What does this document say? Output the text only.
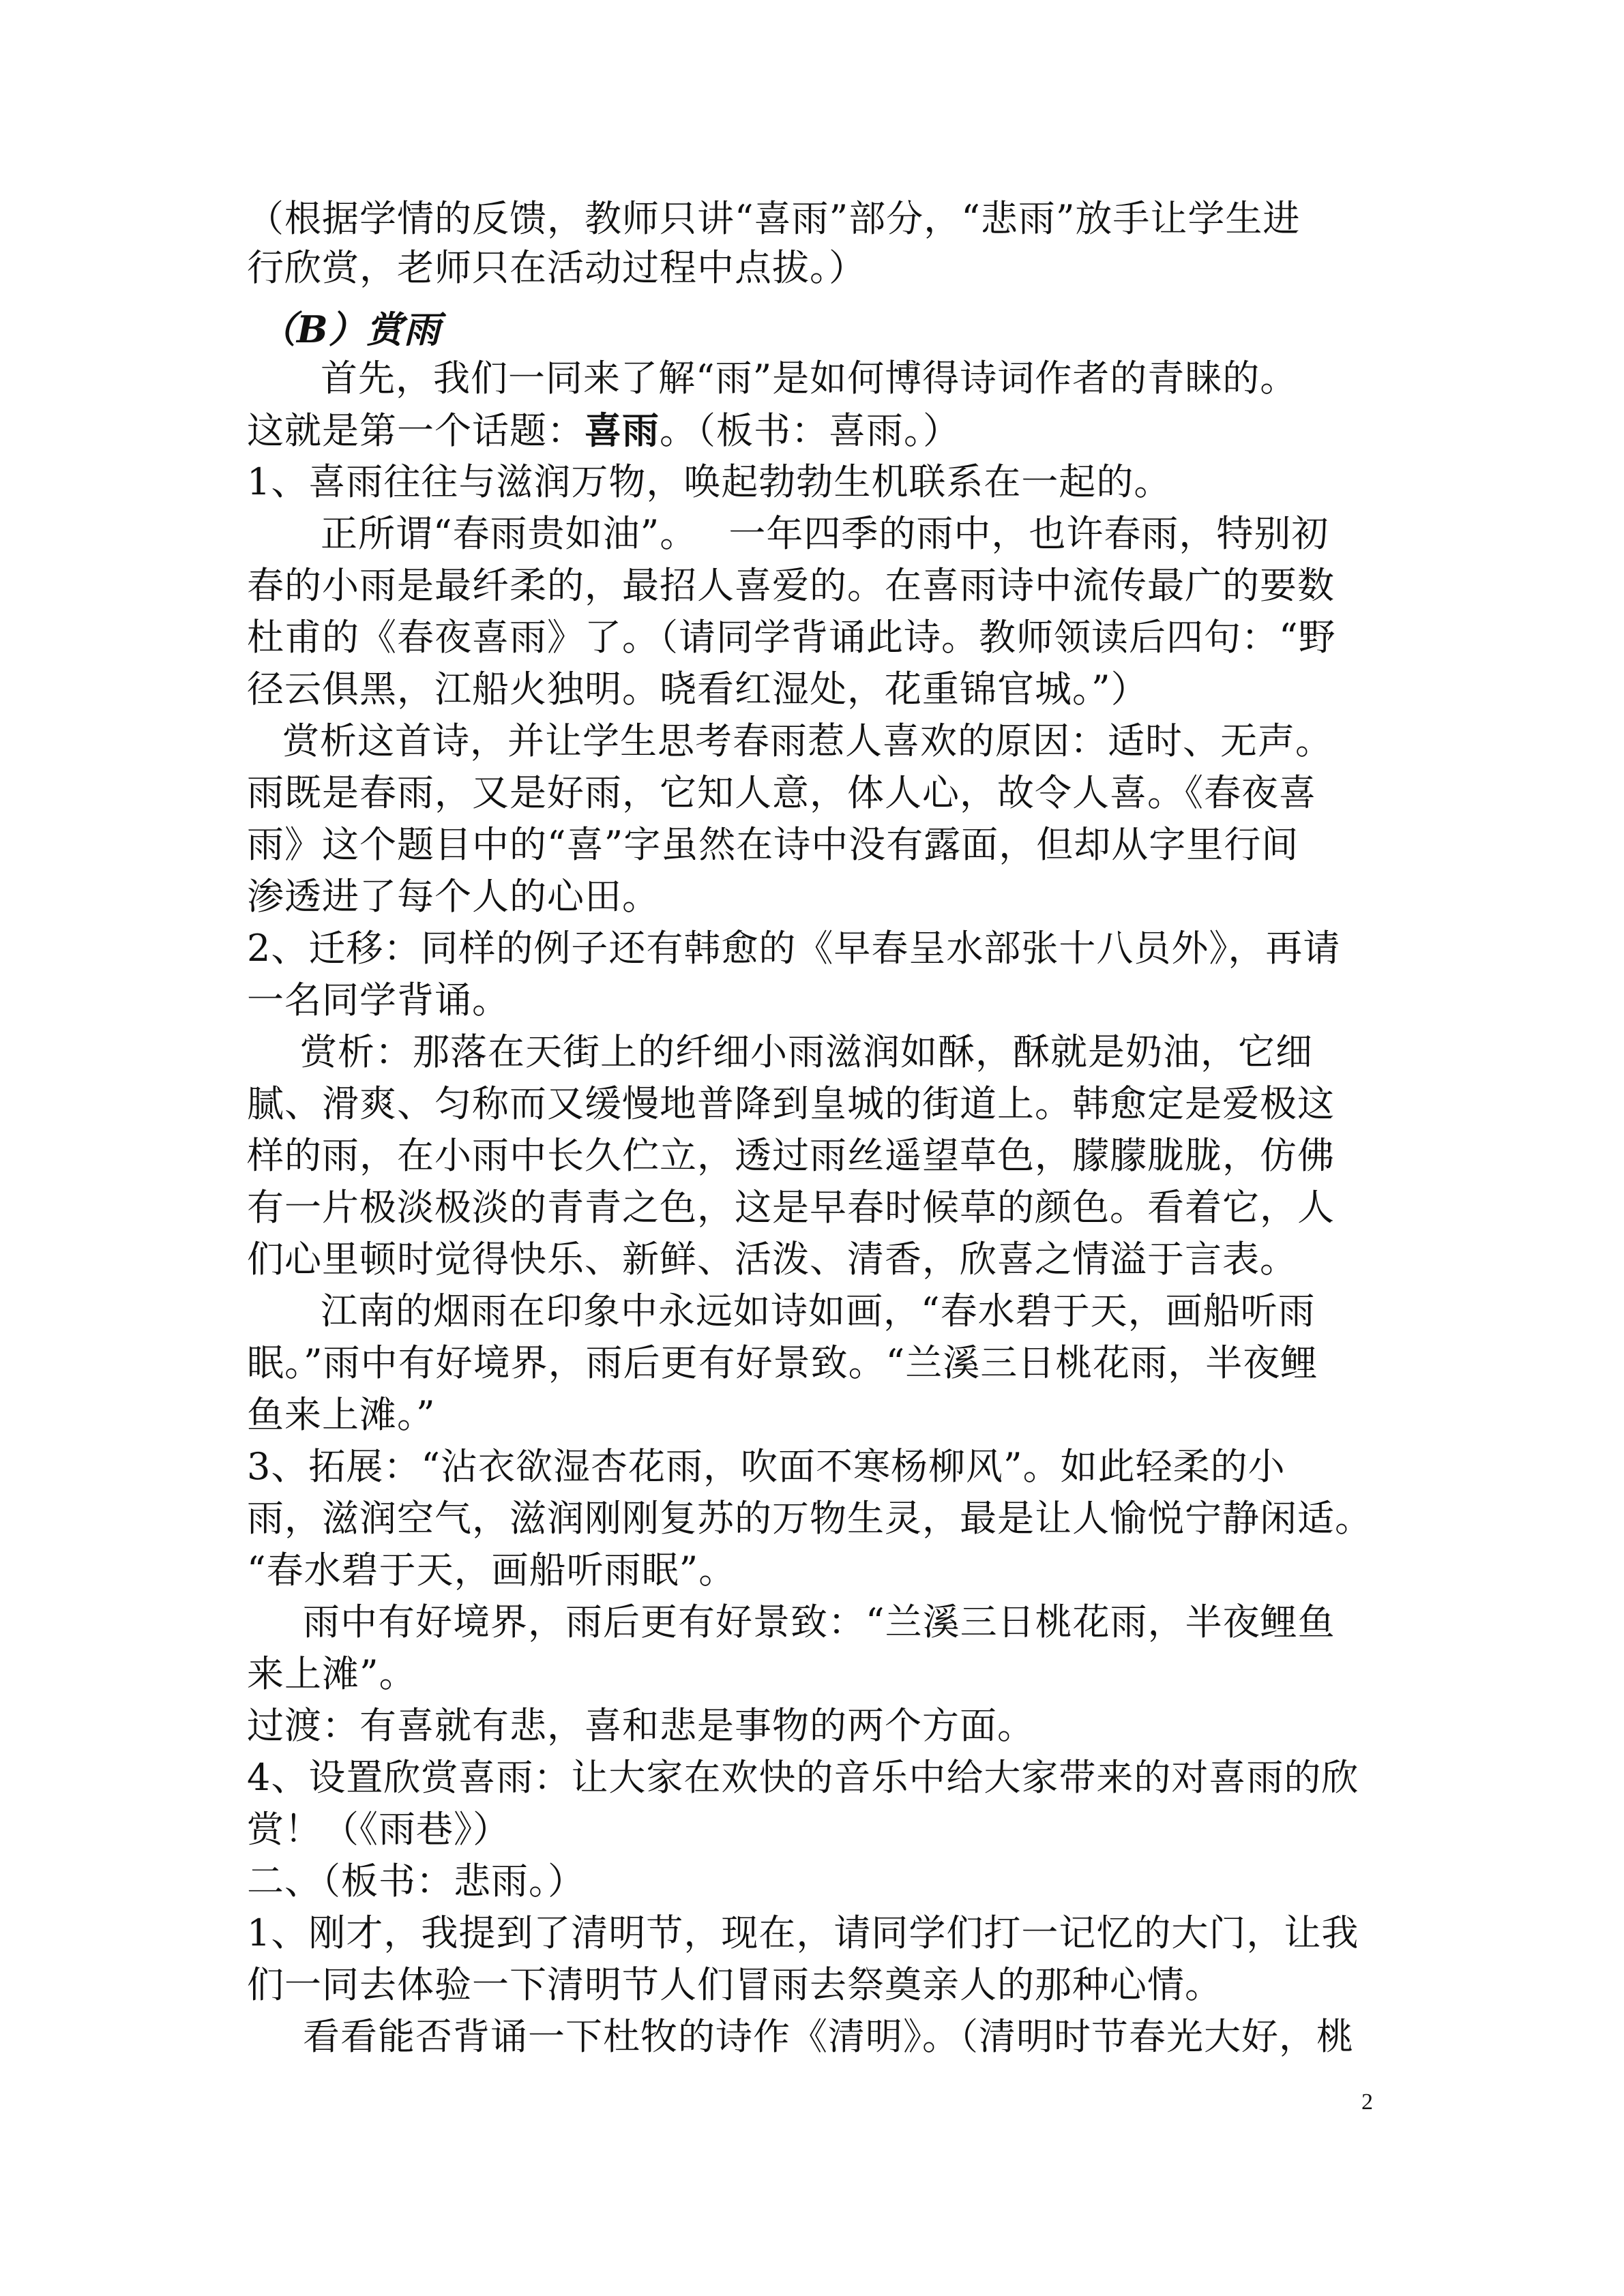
（根据学情的反馈，教师只讲“喜雨”部分，“悲雨”放手让学生进
行欣赏，老师只在活动过程中点拔。）
（B）赏雨
首先，我们一同来了解“雨”是如何博得诗词作者的青睐的。
这就是第一个话题：喜雨。（板书：喜雨。）
1、喜雨往往与滋润万物，唤起勃勃生机联系在一起的。
正所谓“春雨贵如油”。　 一年四季的雨中，也许春雨，特别初
春的小雨是最纤柔的，最招人喜爱的。在喜雨诗中流传最广的要数
杜甫的《春夜喜雨》了。（请同学背诵此诗。教师领读后四句：“野
径云俱黑，江船火独明。晓看红湿处，花重锦官城。”）
赏析这首诗，并让学生思考春雨惹人喜欢的原因：适时、无声。
雨既是春雨，又是好雨，它知人意，体人心，故令人喜。《春夜喜
雨》这个题目中的“喜”字虽然在诗中没有露面，但却从字里行间
渗透进了每个人的心田。
2、迁移：同样的例子还有韩愈的《早春呈水部张十八员外》，再请
一名同学背诵。
赏析：那落在天街上的纤细小雨滋润如酥，酥就是奶油，它细
腻、滑爽、匀称而又缓慢地普降到皇城的街道上。韩愈定是爱极这
样的雨，在小雨中长久伫立，透过雨丝遥望草色，朦朦胧胧，仿佛
有一片极淡极淡的青青之色，这是早春时候草的颜色。看着它，人
们心里顿时觉得快乐、新鲜、活泼、清香，欣喜之情溢于言表。
江南的烟雨在印象中永远如诗如画，“春水碧于天，画船听雨
眠。”雨中有好境界，雨后更有好景致。“兰溪三日桃花雨，半夜鲤
鱼来上滩。”
3、拓展：“沾衣欲湿杏花雨，吹面不寒杨柳风”。如此轻柔的小
雨，滋润空气，滋润刚刚复苏的万物生灵，最是让人愉悦宁静闲适。
“春水碧于天，画船听雨眠”。
雨中有好境界，雨后更有好景致：“兰溪三日桃花雨，半夜鲤鱼
来上滩”。
过渡：有喜就有悲，喜和悲是事物的两个方面。
4、设置欣赏喜雨：让大家在欢快的音乐中给大家带来的对喜雨的欣
赏！（《雨巷》）
二、（板书：悲雨。）
1、刚才，我提到了清明节，现在，请同学们打一记忆的大门，让我
们一同去体验一下清明节人们冒雨去祭奠亲人的那种心情。
看看能否背诵一下杜牧的诗作《清明》。（清明时节春光大好，桃
2
